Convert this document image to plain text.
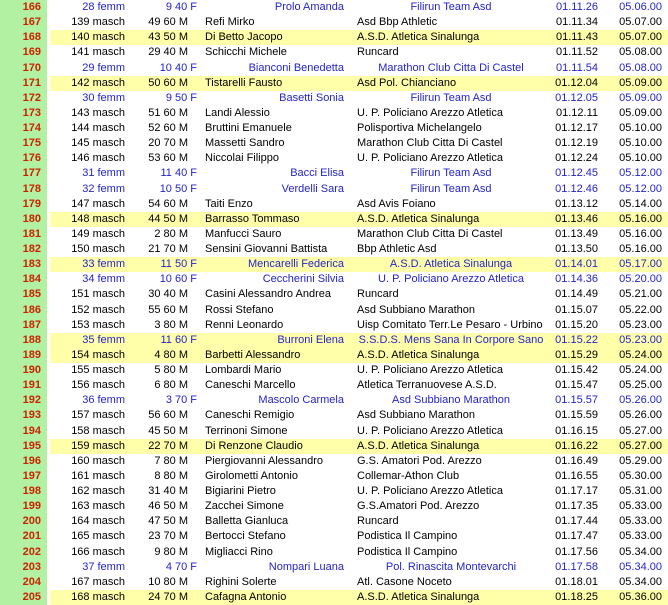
166	28 femm	9 40 F	Prolo Amanda	Filirun Team Asd	01.11.26	05.06.00
167	139 masch	49 60 M	Refi Mirko	Asd Bbp Athletic	01.11.34	05.07.00
168	140 masch	43 50 M	Di Betto Jacopo	A.S.D. Atletica Sinalunga	01.11.43	05.07.00
169	141 masch	29 40 M	Schicchi Michele	Runcard	01.11.52	05.08.00
170	29 femm	10 40 F	Bianconi Benedetta	Marathon Club Citta Di Castel	01.11.54	05.08.00
171	142 masch	50 60 M	Tistarelli Fausto	Asd Pol. Chianciano	01.12.04	05.09.00
172	30 femm	9 50 F	Basetti Sonia	Filirun Team Asd	01.12.05	05.09.00
173	143 masch	51 60 M	Landi Alessio	U. P. Policiano Arezzo Atletica	01.12.11	05.09.00
174	144 masch	52 60 M	Bruttini Emanuele	Polisportiva Michelangelo	01.12.17	05.10.00
175	145 masch	20 70 M	Massetti Sandro	Marathon Club Citta Di Castel	01.12.19	05.10.00
176	146 masch	53 60 M	Niccolai Filippo	U. P. Policiano Arezzo Atletica	01.12.24	05.10.00
177	31 femm	11 40 F	Bacci Elisa	Filirun Team Asd	01.12.45	05.12.00
178	32 femm	10 50 F	Verdelli Sara	Filirun Team Asd	01.12.46	05.12.00
179	147 masch	54 60 M	Taiti Enzo	Asd Avis Foiano	01.13.12	05.14.00
180	148 masch	44 50 M	Barrasso Tommaso	A.S.D. Atletica Sinalunga	01.13.46	05.16.00
181	149 masch	2 80 M	Manfucci Sauro	Marathon Club Citta Di Castel	01.13.49	05.16.00
182	150 masch	21 70 M	Sensini Giovanni Battista	Bbp Athletic Asd	01.13.50	05.16.00
183	33 femm	11 50 F	Mencarelli Federica	A.S.D. Atletica Sinalunga	01.14.01	05.17.00
184	34 femm	10 60 F	Ceccherini Silvia	U. P. Policiano Arezzo Atletica	01.14.36	05.20.00
185	151 masch	30 40 M	Casini Alessandro Andrea	Runcard	01.14.49	05.21.00
186	152 masch	55 60 M	Rossi Stefano	Asd Subbiano Marathon	01.15.07	05.22.00
187	153 masch	3 80 M	Renni Leonardo	Uisp Comitato Terr.Le Pesaro - Urbino	01.15.20	05.23.00
188	35 femm	11 60 F	Burroni Elena	S.S.D.S. Mens Sana In Corpore Sano	01.15.22	05.23.00
189	154 masch	4 80 M	Barbetti Alessandro	A.S.D. Atletica Sinalunga	01.15.29	05.24.00
190	155 masch	5 80 M	Lombardi Mario	U. P. Policiano Arezzo Atletica	01.15.42	05.24.00
191	156 masch	6 80 M	Caneschi Marcello	Atletica Terranuovese A.S.D.	01.15.47	05.25.00
192	36 femm	3 70 F	Mascolo Carmela	Asd Subbiano Marathon	01.15.57	05.26.00
193	157 masch	56 60 M	Caneschi Remigio	Asd Subbiano Marathon	01.15.59	05.26.00
194	158 masch	45 50 M	Terrinoni Simone	U. P. Policiano Arezzo Atletica	01.16.15	05.27.00
195	159 masch	22 70 M	Di Renzone Claudio	A.S.D. Atletica Sinalunga	01.16.22	05.27.00
196	160 masch	7 80 M	Piergiovanni Alessandro	G.S. Amatori Pod. Arezzo	01.16.49	05.29.00
197	161 masch	8 80 M	Girolometti Antonio	Collemar-Athon Club	01.16.55	05.30.00
198	162 masch	31 40 M	Bigiarini Pietro	U. P. Policiano Arezzo Atletica	01.17.17	05.31.00
199	163 masch	46 50 M	Zacchei Simone	G.S.Amatori Pod. Arezzo	01.17.35	05.33.00
200	164 masch	47 50 M	Balletta Gianluca	Runcard	01.17.44	05.33.00
201	165 masch	23 70 M	Bertocci Stefano	Podistica Il Campino	01.17.47	05.33.00
202	166 masch	9 80 M	Migliacci Rino	Podistica Il Campino	01.17.56	05.34.00
203	37 femm	4 70 F	Nompari Luana	Pol. Rinascita Montevarchi	01.17.58	05.34.00
204	167 masch	10 80 M	Righini Solerte	Atl. Casone Noceto	01.18.01	05.34.00
205	168 masch	24 70 M	Cafagna Antonio	A.S.D. Atletica Sinalunga	01.18.25	05.36.00
